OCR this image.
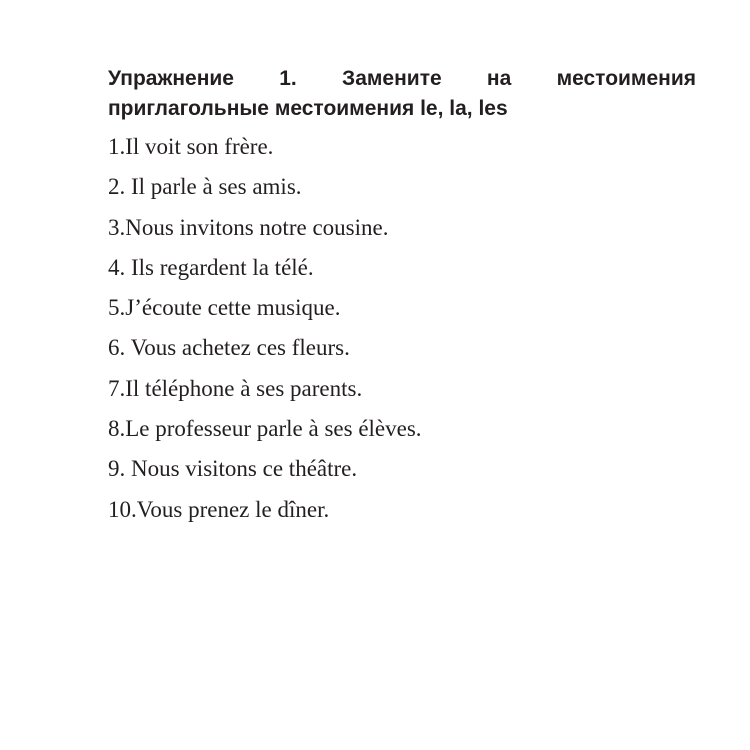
Упражнение 1. Замените на местоимения
приглагольные местоимения le, la, les
1.Il voit son frère.
2. Il parle à ses amis.
3.Nous invitons notre cousine.
4. Ils regardent la télé.
5.J’écoute cette musique.
6. Vous achetez ces fleurs.
7.Il téléphone à ses parents.
8.Le professeur parle à ses élèves.
9. Nous visitons ce théâtre.
10.Vous prenez le dîner.
